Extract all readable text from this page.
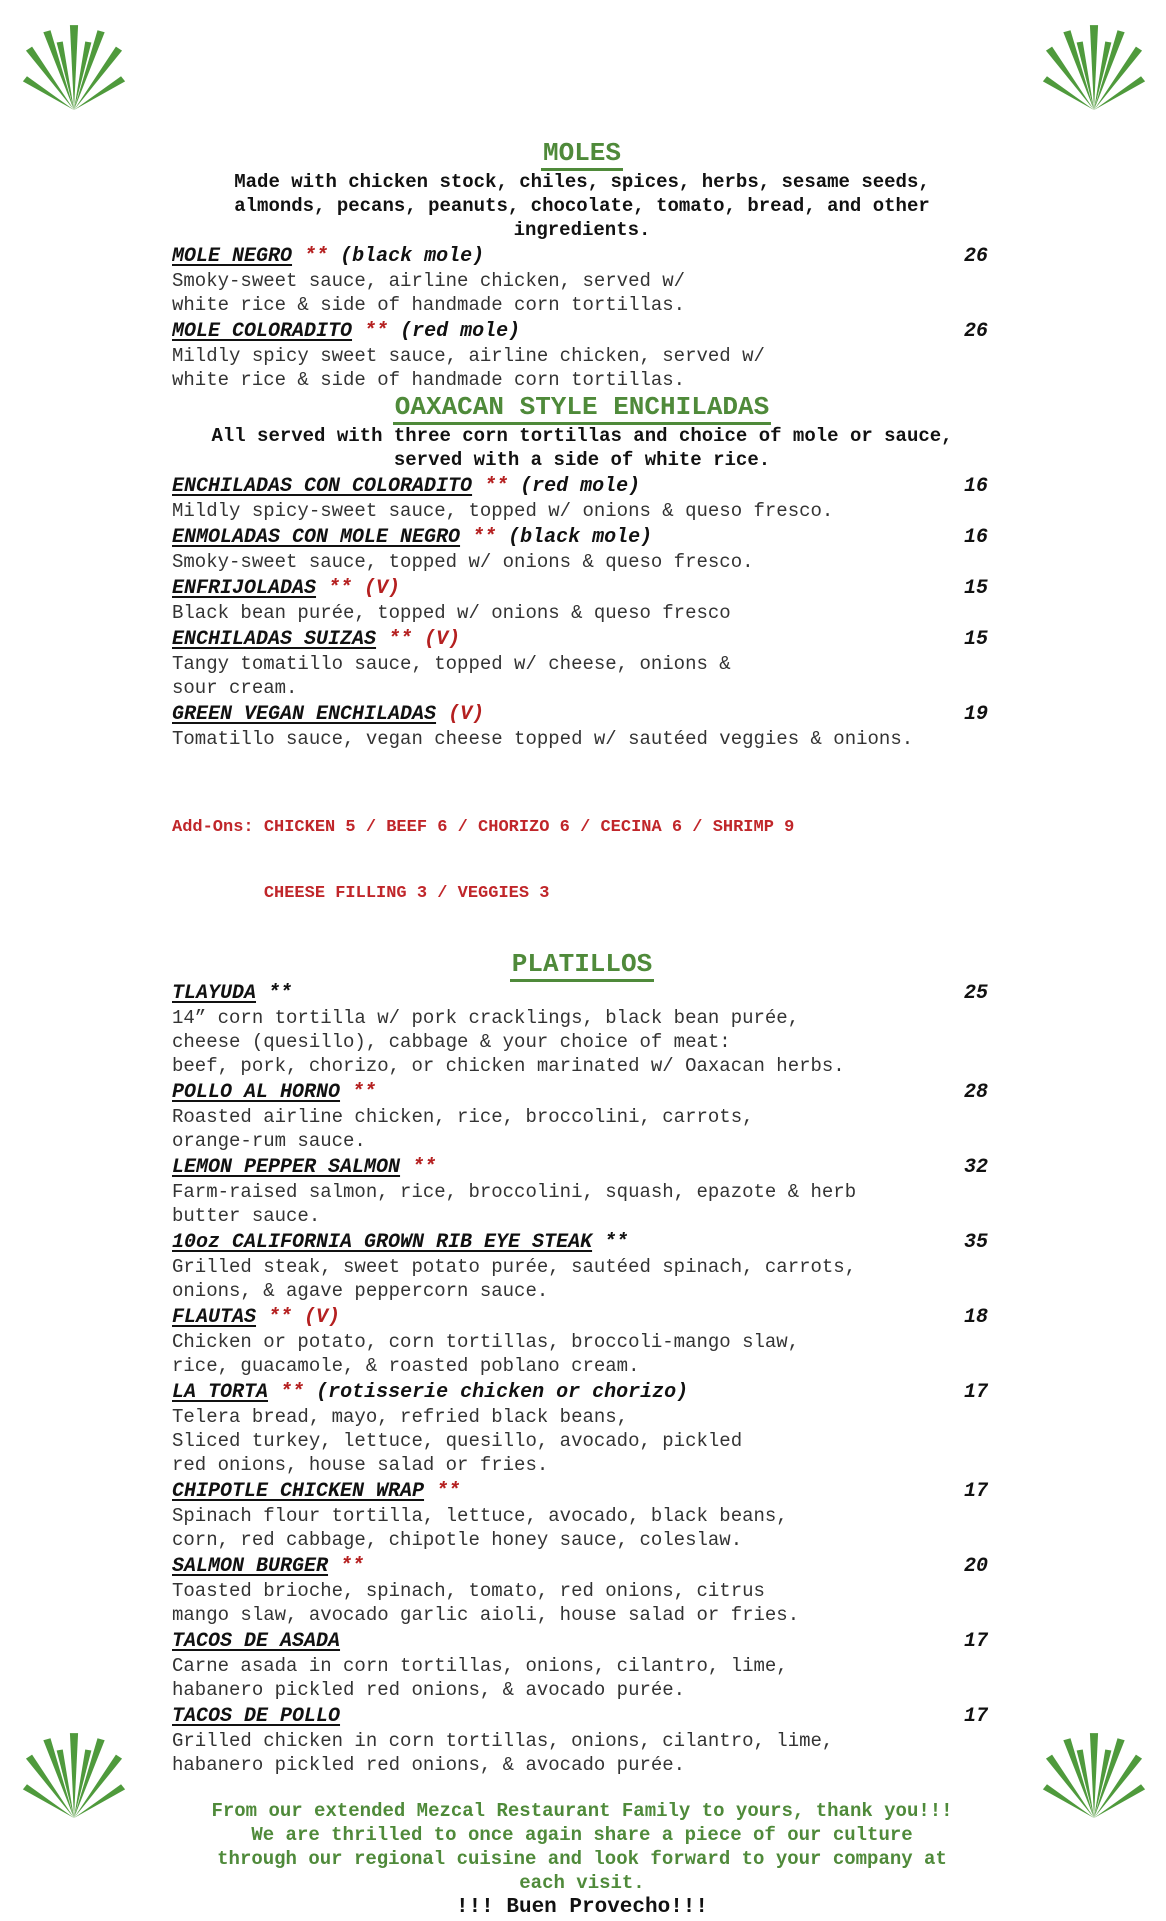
MOLES

Made with chicken stock, chiles, spices, herbs, sesame seeds, almonds, pecans, peanuts, chocolate, tomato, bread, and other ingredients.

MOLE NEGRO ** (black mole)	26

Smoky-sweet sauce, airline chicken, served w/
white rice & side of handmade corn tortillas.

MOLE COLORADITO ** (red mole)	26

Mildly spicy sweet sauce, airline chicken, served w/
white rice & side of handmade corn tortillas.

OAXACAN STYLE ENCHILADAS

All served with three corn tortillas and choice of mole or sauce, served with a side of white rice.

ENCHILADAS CON COLORADITO ** (red mole)	16

Mildly spicy-sweet sauce, topped w/ onions & queso fresco.

ENMOLADAS CON MOLE NEGRO ** (black mole)	16

Smoky-sweet sauce, topped w/ onions & queso fresco.

ENFRIJOLADAS ** (V)	15

Black bean purée, topped w/ onions & queso fresco

ENCHILADAS SUIZAS ** (V)	15

Tangy tomatillo sauce, topped w/ cheese, onions &
sour cream.

GREEN VEGAN ENCHILADAS (V)	19

Tomatillo sauce, vegan cheese topped w/ sautéed veggies & onions.

Add-Ons: CHICKEN 5 / BEEF 6 / CHORIZO 6 / CECINA 6 / SHRIMP 9

CHEESE FILLING 3 / VEGGIES 3

PLATILLOS
TLAYUDA **	25

14” corn tortilla w/ pork cracklings, black bean purée,
cheese (quesillo), cabbage & your choice of meat:
beef, pork, chorizo, or chicken marinated w/ Oaxacan herbs.

POLLO AL HORNO **	28

Roasted airline chicken, rice, broccolini, carrots,
orange-rum sauce.

LEMON PEPPER SALMON **	32

Farm-raised salmon, rice, broccolini, squash, epazote & herb
butter sauce.

10oz CALIFORNIA GROWN RIB EYE STEAK **	35

Grilled steak, sweet potato purée, sautéed spinach, carrots,
onions, & agave peppercorn sauce.

FLAUTAS ** (V)	18

Chicken or potato, corn tortillas, broccoli-mango slaw,
rice, guacamole, & roasted poblano cream.

LA TORTA ** (rotisserie chicken or chorizo)	17

Telera bread, mayo, refried black beans,
Sliced turkey, lettuce, quesillo, avocado, pickled
red onions, house salad or fries.

CHIPOTLE CHICKEN WRAP **	17

Spinach flour tortilla, lettuce, avocado, black beans,
corn, red cabbage, chipotle honey sauce, coleslaw.

SALMON BURGER **	20

Toasted brioche, spinach, tomato, red onions, citrus
mango slaw, avocado garlic aioli, house salad or fries.

TACOS DE ASADA	17

Carne asada in corn tortillas, onions, cilantro, lime,
habanero pickled red onions, & avocado purée.

TACOS DE POLLO	17

Grilled chicken in corn tortillas, onions, cilantro, lime,
habanero pickled red onions, & avocado purée.

From our extended Mezcal Restaurant Family to yours, thank you!!!
We are thrilled to once again share a piece of our culture
through our regional cuisine and look forward to your company at
each visit.
!!! Buen Provecho!!!
